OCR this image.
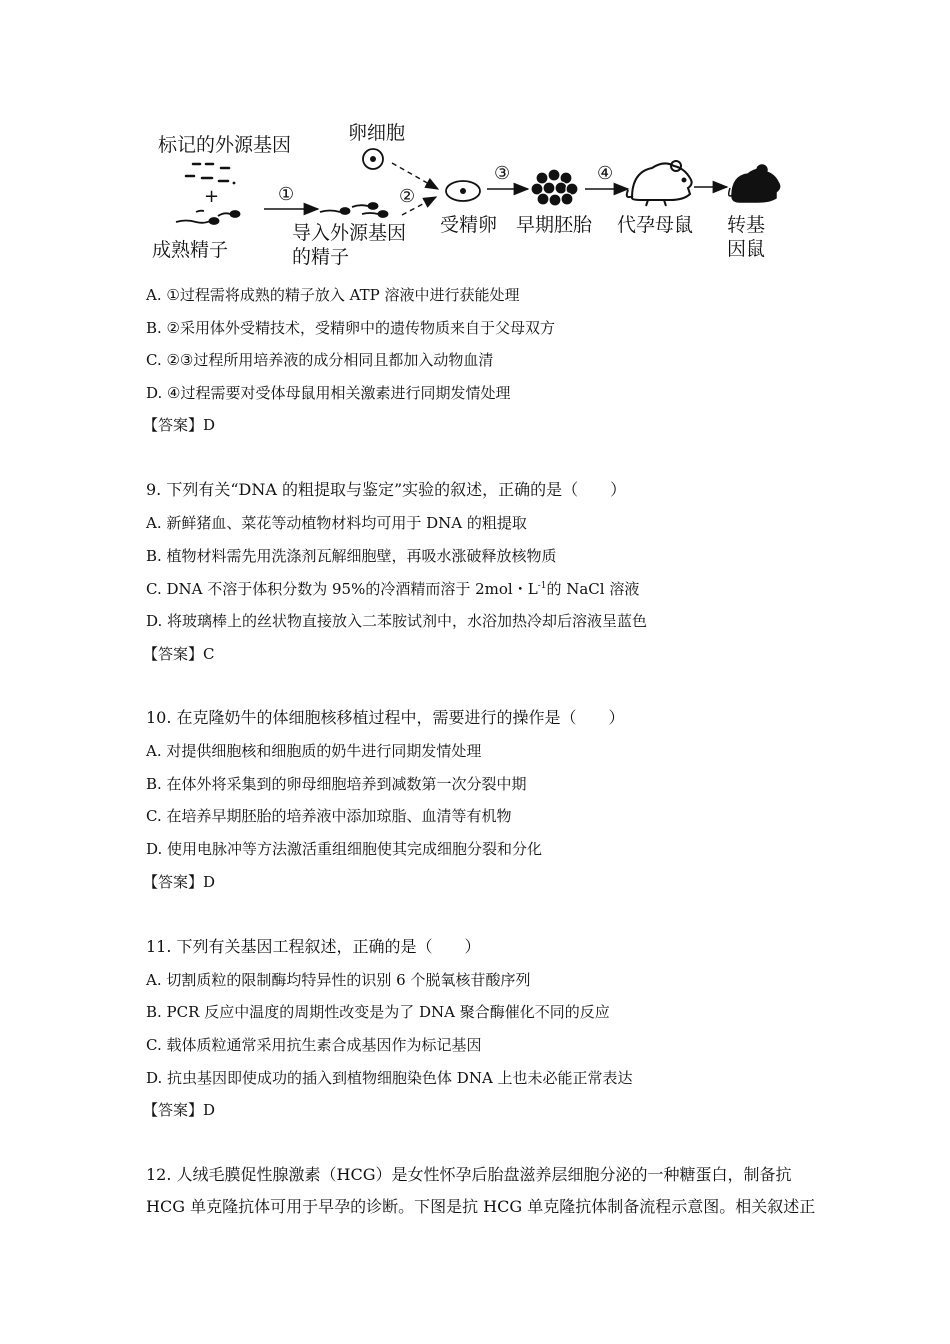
标记的外源基因
+
成熟精子
卵细胞
①	②
③	④
导入外源基因
的精子
受精卵 早期胚胎 代孕母鼠 转基
因鼠
A. ①过程需将成熟的精子放入 ATP 溶液中进行获能处理
B. ②采用体外受精技术，受精卵中的遗传物质来自于父母双方
C. ②③过程所用培养液的成分相同且都加入动物血清
D. ④过程需要对受体母鼠用相关激素进行同期发情处理
【答案】D
9. 下列有关“DNA 的粗提取与鉴定”实验的叙述，正确的是（　　）
A. 新鲜猪血、菜花等动植物材料均可用于 DNA 的粗提取
B. 植物材料需先用洗涤剂瓦解细胞壁，再吸水涨破释放核物质
C. DNA 不溶于体积分数为 95%的冷酒精而溶于 2mol・$L^{-1}$的 NaCl 溶液
D. 将玻璃棒上的丝状物直接放入二苯胺试剂中，水浴加热冷却后溶液呈蓝色
【答案】C
10. 在克隆奶牛的体细胞核移植过程中，需要进行的操作是（　　）
A. 对提供细胞核和细胞质的奶牛进行同期发情处理
B. 在体外将采集到的卵母细胞培养到减数第一次分裂中期
C. 在培养早期胚胎的培养液中添加琼脂、血清等有机物
D. 使用电脉冲等方法激活重组细胞使其完成细胞分裂和分化
【答案】D
11. 下列有关基因工程叙述，正确的是（　　）
A. 切割质粒的限制酶均特异性的识别 6 个脱氧核苷酸序列
B. PCR 反应中温度的周期性改变是为了 DNA 聚合酶催化不同的反应
C. 载体质粒通常采用抗生素合成基因作为标记基因
D. 抗虫基因即使成功的插入到植物细胞染色体 DNA 上也未必能正常表达
【答案】D
12. 人绒毛膜促性腺激素（HCG）是女性怀孕后胎盘滋养层细胞分泌的一种糖蛋白，制备抗
HCG 单克隆抗体可用于早孕的诊断。下图是抗 HCG 单克隆抗体制备流程示意图。相关叙述正
